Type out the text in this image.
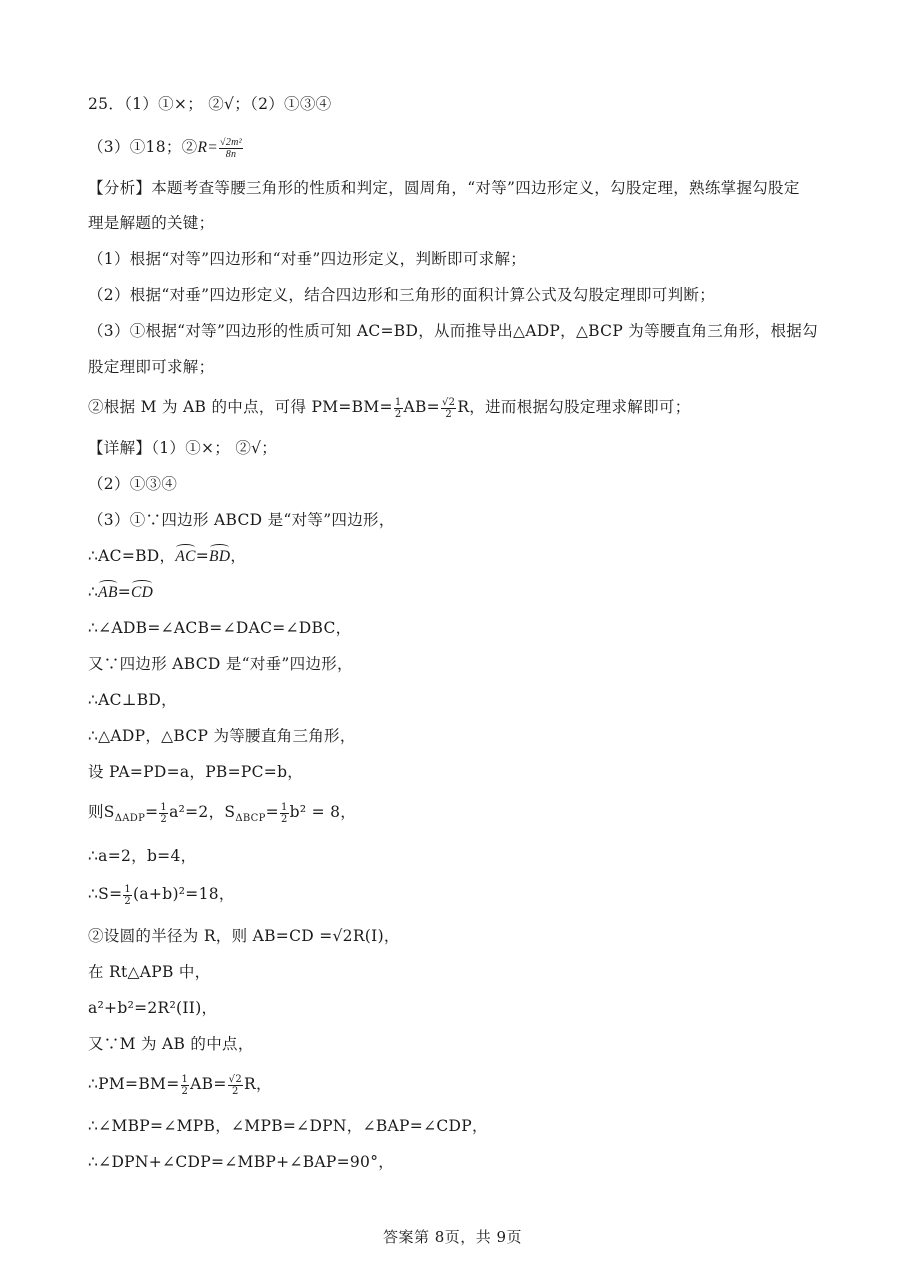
25．（1）①×； ②√；（2）①③④
（3）①18；②R= $\frac{\text{√2m²}}{8n}$
【分析】本题考查等腰三角形的性质和判定，圆周角，“对等”四边形定义，勾股定理，熟练掌握勾股定
理是解题的关键；
（1）根据“对等”四边形和“对垂”四边形定义，判断即可求解；
（2）根据“对垂”四边形定义，结合四边形和三角形的面积计算公式及勾股定理即可判断；
（3）①根据“对等”四边形的性质可知 AC=BD，从而推导出△ADP，△BCP 为等腰直角三角形，根据勾
股定理即可求解；
②根据 M 为 AB 的中点，可得 $PM=BM= \frac{1}{2} AB= \frac{√2}{2}$ R，进而根据勾股定理求解即可；
【详解】（1）①×； ②√；
（2）①③④
（3）①∵四边形 ABCD 是“对等”四边形，
∴AC=BD，AC=BD，
∴AB=CD
∴∠ADB=∠ACB=∠DAC=∠DBC，
又∵四边形 ABCD 是“对垂”四边形，
∴AC⊥BD，
∴△ADP，△BCP 为等腰直角三角形，
设 PA=PD=a，PB=PC=b，
则$S_{\Delta ADP}= \frac{1}{2} a^2=2$，$S_{\Delta BCP}= \frac{1}{2} b^2 = 8$，
∴a=2，b=4，
∴S= $\frac{1}{2} (a+b)^2=18$，
②设圆的半径为 R，则 AB=CD =√2R(I)，
在 Rt△APB 中，
a²+b²=2R²(II)，
又∵M 为 AB 的中点，
∴PM=BM= $\frac{1}{2} AB= \frac{√2}{2}$ R，
∴∠MBP=∠MPB，∠MPB=∠DPN，∠BAP=∠CDP，
∴∠DPN+∠CDP=∠MBP+∠BAP=90°，
答案第 8页，共 9页
